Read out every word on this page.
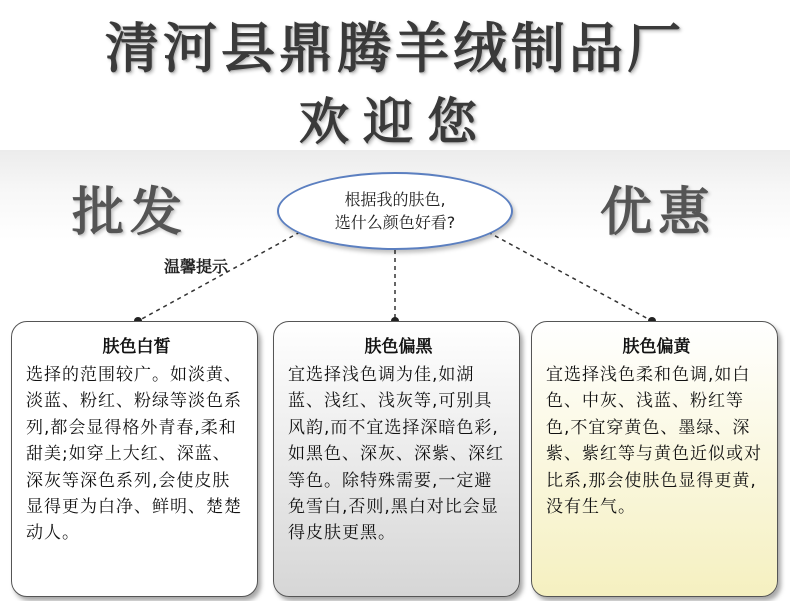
清河县鼎腾羊绒制品厂
欢迎您
批发	优惠
根据我的肤色,
选什么颜色好看?
温馨提示
肤色白皙

选择的范围较广。如淡黄、淡蓝、粉红、粉绿等淡色系列,都会显得格外青春,柔和甜美;如穿上大红、深蓝、深灰等深色系列,会使皮肤显得更为白净、鲜明、楚楚动人。

肤色偏黑

宜选择浅色调为佳,如湖蓝、浅红、浅灰等,可别具风韵,而不宜选择深暗色彩,如黑色、深灰、深紫、深红等色。除特殊需要,一定避免雪白,否则,黑白对比会显得皮肤更黑。

肤色偏黄

宜选择浅色柔和色调,如白色、中灰、浅蓝、粉红等色,不宜穿黄色、墨绿、深紫、紫红等与黄色近似或对比系,那会使肤色显得更黄,没有生气。
